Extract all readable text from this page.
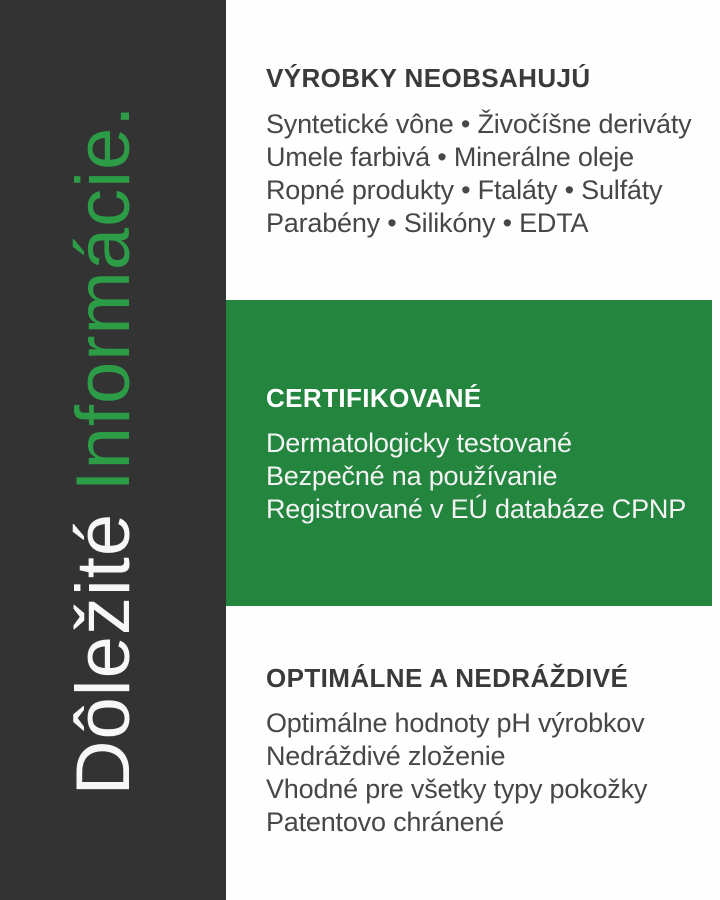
DôležitéInformácie.
VÝROBKY NEOBSAHUJÚ
Syntetické vône • Živočíšne deriváty
Umele farbivá • Minerálne oleje
Ropné produkty • Ftaláty • Sulfáty
Parabény • Silikóny • EDTA
CERTIFIKOVANÉ
Dermatologicky testované
Bezpečné na používanie
Registrované v EÚ databáze CPNP
OPTIMÁLNE A NEDRÁŽDIVÉ
Optimálne hodnoty pH výrobkov
Nedráždivé zloženie
Vhodné pre všetky typy pokožky
Patentovo chránené
